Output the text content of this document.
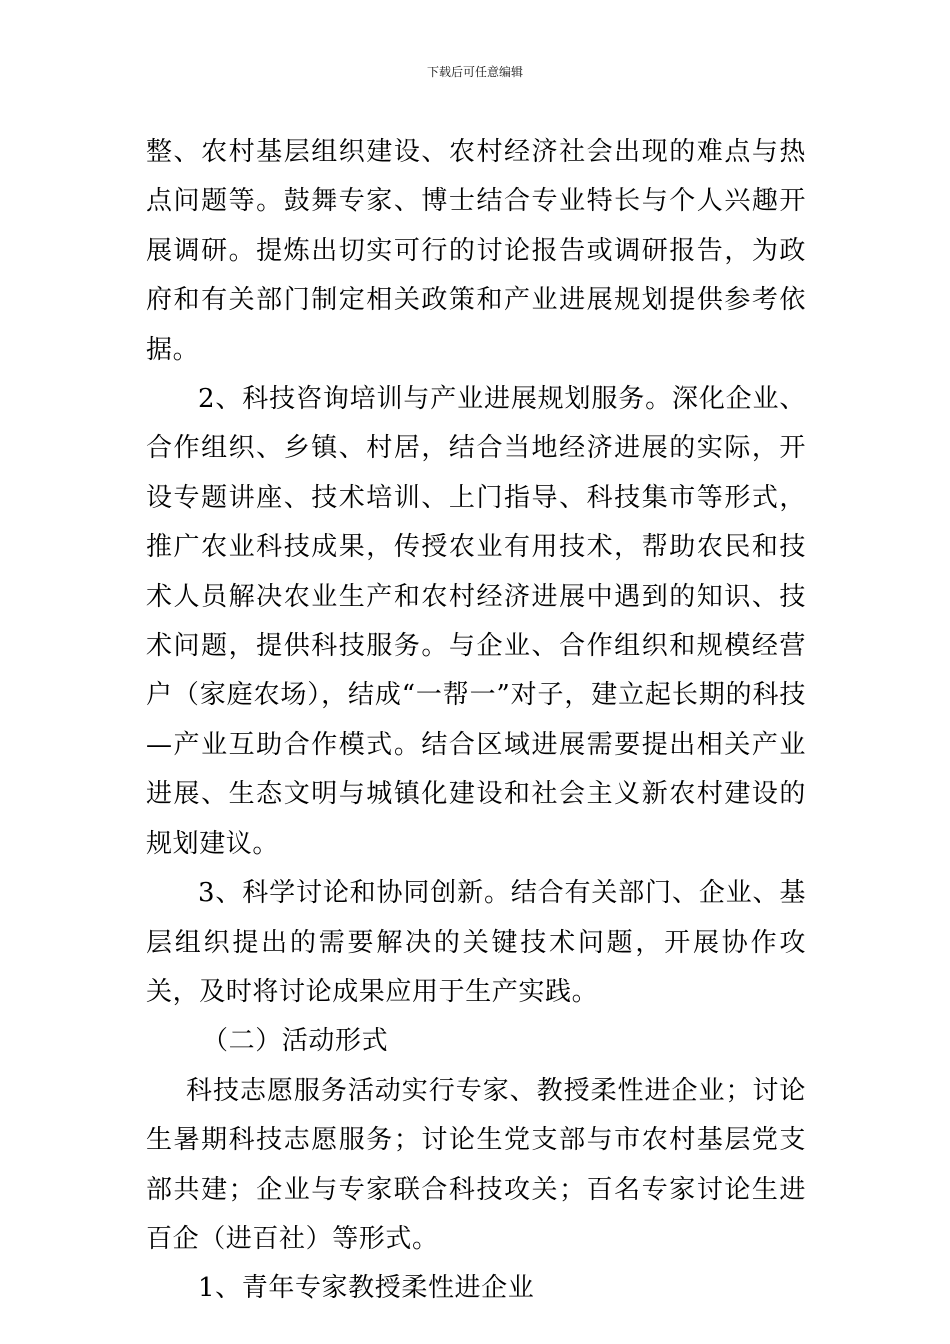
下载后可任意编辑

整、农村基层组织建设、农村经济社会出现的难点与热点问题等。鼓舞专家、博士结合专业特长与个人兴趣开展调研。提炼出切实可行的讨论报告或调研报告，为政府和有关部门制定相关政策和产业进展规划提供参考依据。

2、科技咨询培训与产业进展规划服务。深化企业、合作组织、乡镇、村居，结合当地经济进展的实际，开设专题讲座、技术培训、上门指导、科技集市等形式，推广农业科技成果，传授农业有用技术，帮助农民和技术人员解决农业生产和农村经济进展中遇到的知识、技术问题，提供科技服务。与企业、合作组织和规模经营户（家庭农场），结成“一帮一”对子，建立起长期的科技—产业互助合作模式。结合区域进展需要提出相关产业进展、生态文明与城镇化建设和社会主义新农村建设的规划建议。

3、科学讨论和协同创新。结合有关部门、企业、基层组织提出的需要解决的关键技术问题，开展协作攻关，及时将讨论成果应用于生产实践。

（二）活动形式

科技志愿服务活动实行专家、教授柔性进企业；讨论生暑期科技志愿服务；讨论生党支部与市农村基层党支部共建；企业与专家联合科技攻关；百名专家讨论生进百企（进百社）等形式。

1、青年专家教授柔性进企业
